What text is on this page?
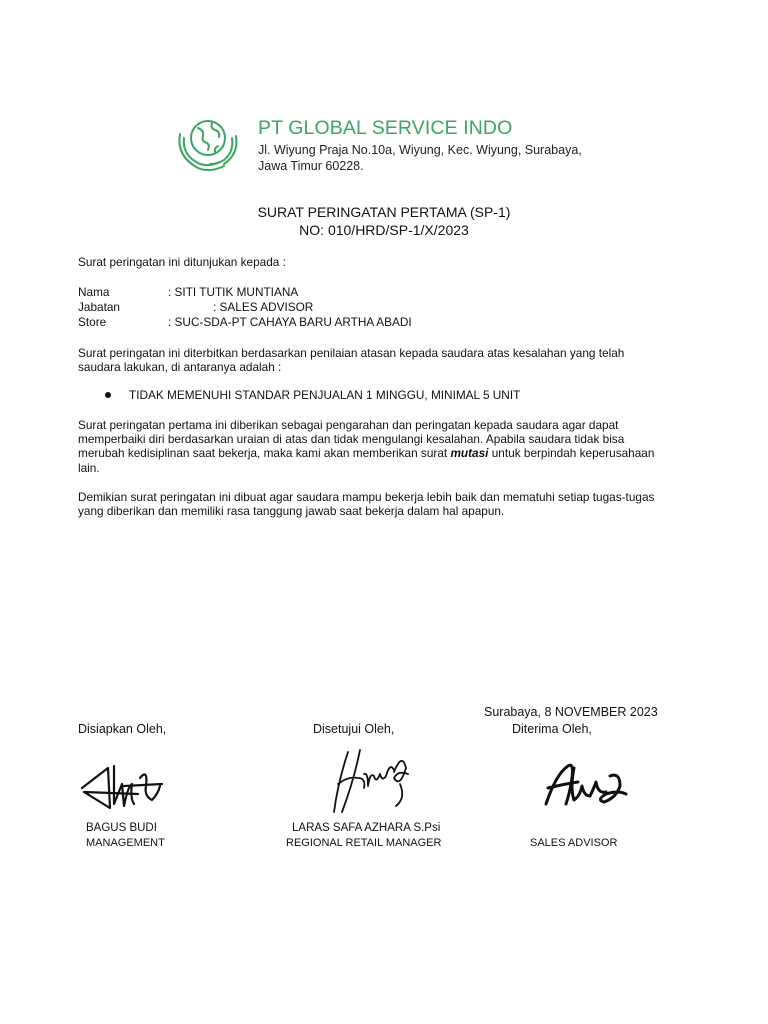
PT GLOBAL SERVICE INDO
Jl. Wiyung Praja No.10a, Wiyung, Kec. Wiyung, Surabaya,
Jawa Timur 60228.
SURAT PERINGATAN PERTAMA (SP-1)
NO: 010/HRD/SP-1/X/2023
Surat peringatan ini ditunjukan kepada :
Nama	: SITI TUTIK MUNTIANA
Jabatan	: SALES ADVISOR
Store	: SUC-SDA-PT CAHAYA BARU ARTHA ABADI
Surat peringatan ini diterbitkan berdasarkan penilaian atasan kepada saudara atas kesalahan yang telah
saudara lakukan, di antaranya adalah :
TIDAK MEMENUHI STANDAR PENJUALAN 1 MINGGU, MINIMAL 5 UNIT
Surat peringatan pertama ini diberikan sebagai pengarahan dan peringatan kepada saudara agar dapat
memperbaiki diri berdasarkan uraian di atas dan tidak mengulangi kesalahan. Apabila saudara tidak bisa
merubah kedisiplinan saat bekerja, maka kami akan memberikan surat mutasi untuk berpindah keperusahaan
lain.
Demikian surat peringatan ini dibuat agar saudara mampu bekerja lebih baik dan mematuhi setiap tugas-tugas
yang diberikan dan memiliki rasa tanggung jawab saat bekerja dalam hal apapun.
Surabaya, 8 NOVEMBER 2023
Disiapkan Oleh,	Disetujui Oleh,	Diterima Oleh,
BAGUS BUDI
MANAGEMENT
LARAS SAFA AZHARA S.Psi
REGIONAL RETAIL MANAGER	SALES ADVISOR
